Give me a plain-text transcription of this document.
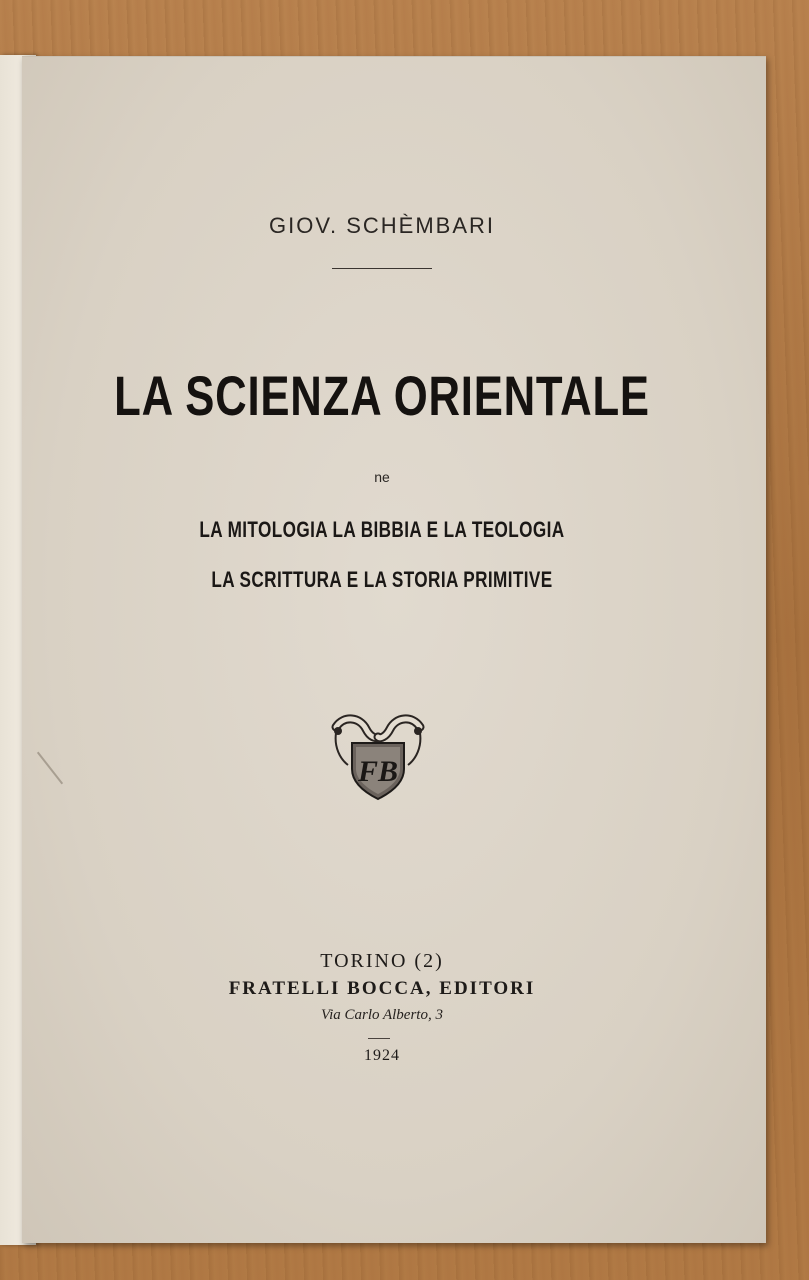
GIOV. SCHÈMBARI
LA SCIENZA ORIENTALE
ne
LA MITOLOGIA LA BIBBIA E LA TEOLOGIA
LA SCRITTURA E LA STORIA PRIMITIVE
FB
TORINO (2)
FRATELLI BOCCA, EDITORI
Via Carlo Alberto, 3
1924
